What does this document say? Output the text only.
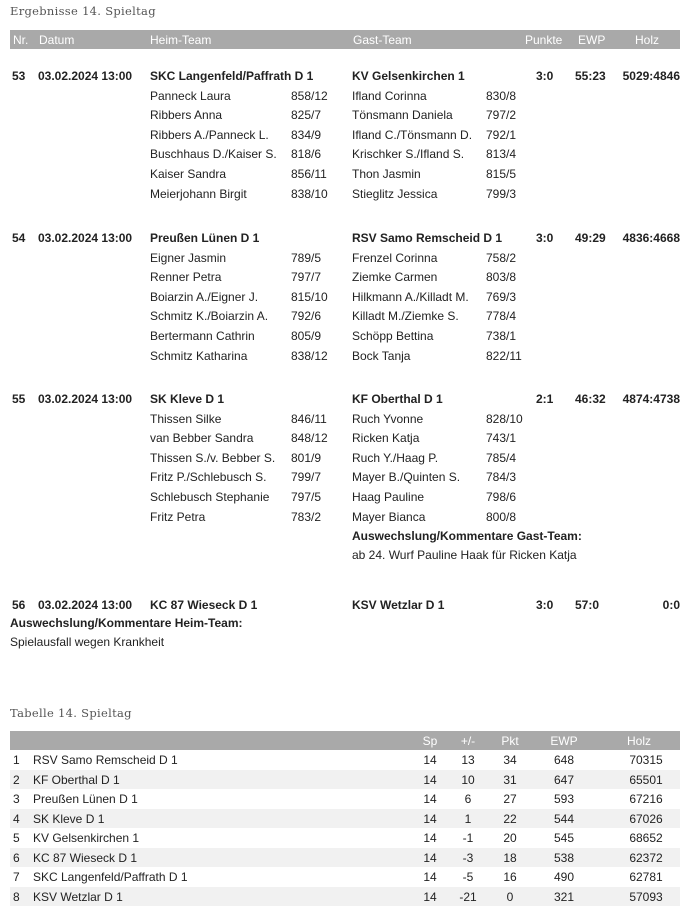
Ergebnisse 14. Spieltag
Nr. Datum	Heim-Team	Gast-Team	Punkte EWP Holz
53 03.02.2024 13:00 SKC Langenfeld/Paffrath D 1	KV Gelsenkirchen 1	3:0 55:23	5029:4846
Panneck Laura	858/12 Ifland Corinna	830/8
Ribbers Anna	825/7	Tönsmann Daniela	797/2
Ribbers A./Panneck L. 834/9	Ifland C./Tönsmann D. 792/1
Buschhaus D./Kaiser S. 818/6	Krischker S./Ifland S. 813/4
Kaiser Sandra	856/11 Thon Jasmin	815/5
Meierjohann Birgit	838/10 Stieglitz Jessica	799/3
54 03.02.2024 13:00 Preußen Lünen D 1	RSV Samo Remscheid D 1	3:0 49:29	4836:4668
Eigner Jasmin	789/5	Frenzel Corinna	758/2
Renner Petra	797/7	Ziemke Carmen	803/8
Boiarzin A./Eigner J.	815/10 Hilkmann A./Killadt M. 769/3
Schmitz K./Boiarzin A. 792/6	Killadt M./Ziemke S. 778/4
Bertermann Cathrin	805/9	Schöpp Bettina	738/1
Schmitz Katharina	838/12 Bock Tanja	822/11
55 03.02.2024 13:00 SK Kleve D 1	KF Oberthal D 1	2:1 46:32	4874:4738
Thissen Silke	846/11 Ruch Yvonne	828/10
van Bebber Sandra	848/12 Ricken Katja	743/1
Thissen S./v. Bebber S. 801/9	Ruch Y./Haag P.	785/4
Fritz P./Schlebusch S. 799/7	Mayer B./Quinten S. 784/3
Schlebusch Stephanie 797/5	Haag Pauline	798/6
Fritz Petra	783/2	Mayer Bianca	800/8
Auswechslung/Kommentare Gast-Team:
ab 24. Wurf Pauline Haak für Ricken Katja
56 03.02.2024 13:00 KC 87 Wieseck D 1	KSV Wetzlar D 1	3:0 57:0	0:0
Auswechslung/Kommentare Heim-Team:
Spielausfall wegen Krankheit
Tabelle 14. Spieltag
Sp	+/-	Pkt	EWP	Holz
1 RSV Samo Remscheid D 1	14	13	34	648	70315
2 KF Oberthal D 1	14	10	31	647	65501
3 Preußen Lünen D 1	14	6	27	593	67216
4 SK Kleve D 1	14	1	22	544	67026
5 KV Gelsenkirchen 1	14	-1	20	545	68652
6 KC 87 Wieseck D 1	14	-3	18	538	62372
7 SKC Langenfeld/Paffrath D 1	14	-5	16	490	62781
8 KSV Wetzlar D 1	14 -21	0	321	57093
